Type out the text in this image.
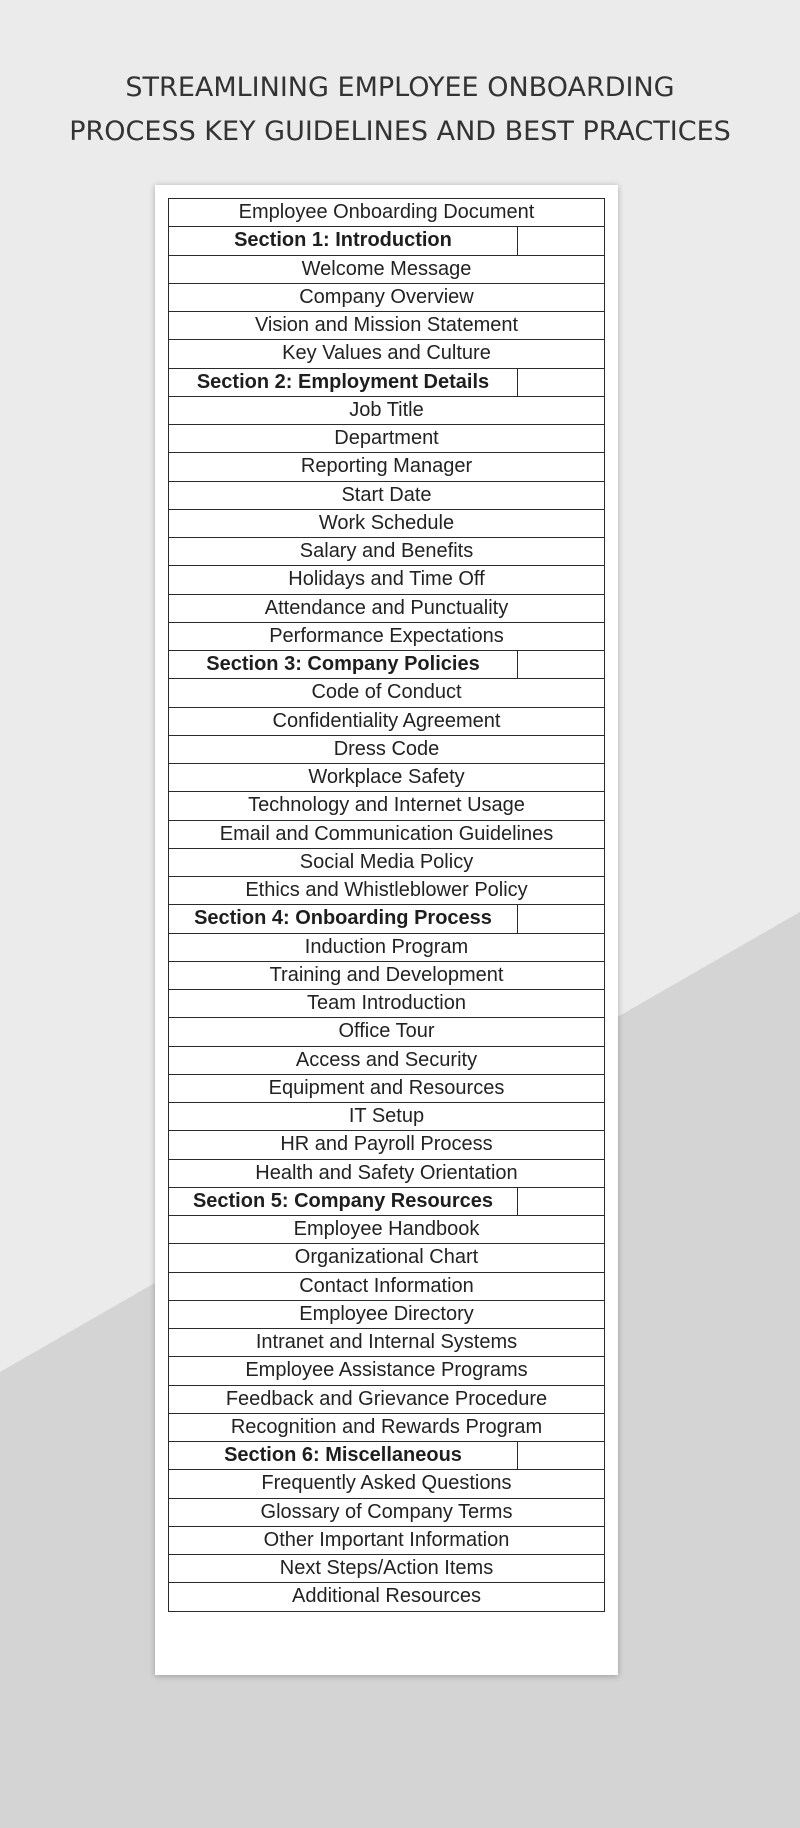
STREAMLINING EMPLOYEE ONBOARDING
PROCESS KEY GUIDELINES AND BEST PRACTICES
Employee Onboarding Document	
Section 1: Introduction	
Welcome Message	
Company Overview	
Vision and Mission Statement	
Key Values and Culture	
Section 2: Employment Details	
Job Title	
Department	
Reporting Manager	
Start Date	
Work Schedule	
Salary and Benefits	
Holidays and Time Off	
Attendance and Punctuality	
Performance Expectations	
Section 3: Company Policies	
Code of Conduct	
Confidentiality Agreement	
Dress Code	
Workplace Safety	
Technology and Internet Usage	
Email and Communication Guidelines	
Social Media Policy	
Ethics and Whistleblower Policy	
Section 4: Onboarding Process	
Induction Program	
Training and Development	
Team Introduction	
Office Tour	
Access and Security	
Equipment and Resources	
IT Setup	
HR and Payroll Process	
Health and Safety Orientation	
Section 5: Company Resources	
Employee Handbook	
Organizational Chart	
Contact Information	
Employee Directory	
Intranet and Internal Systems	
Employee Assistance Programs	
Feedback and Grievance Procedure	
Recognition and Rewards Program	
Section 6: Miscellaneous	
Frequently Asked Questions	
Glossary of Company Terms	
Other Important Information	
Next Steps/Action Items	
Additional Resources	
